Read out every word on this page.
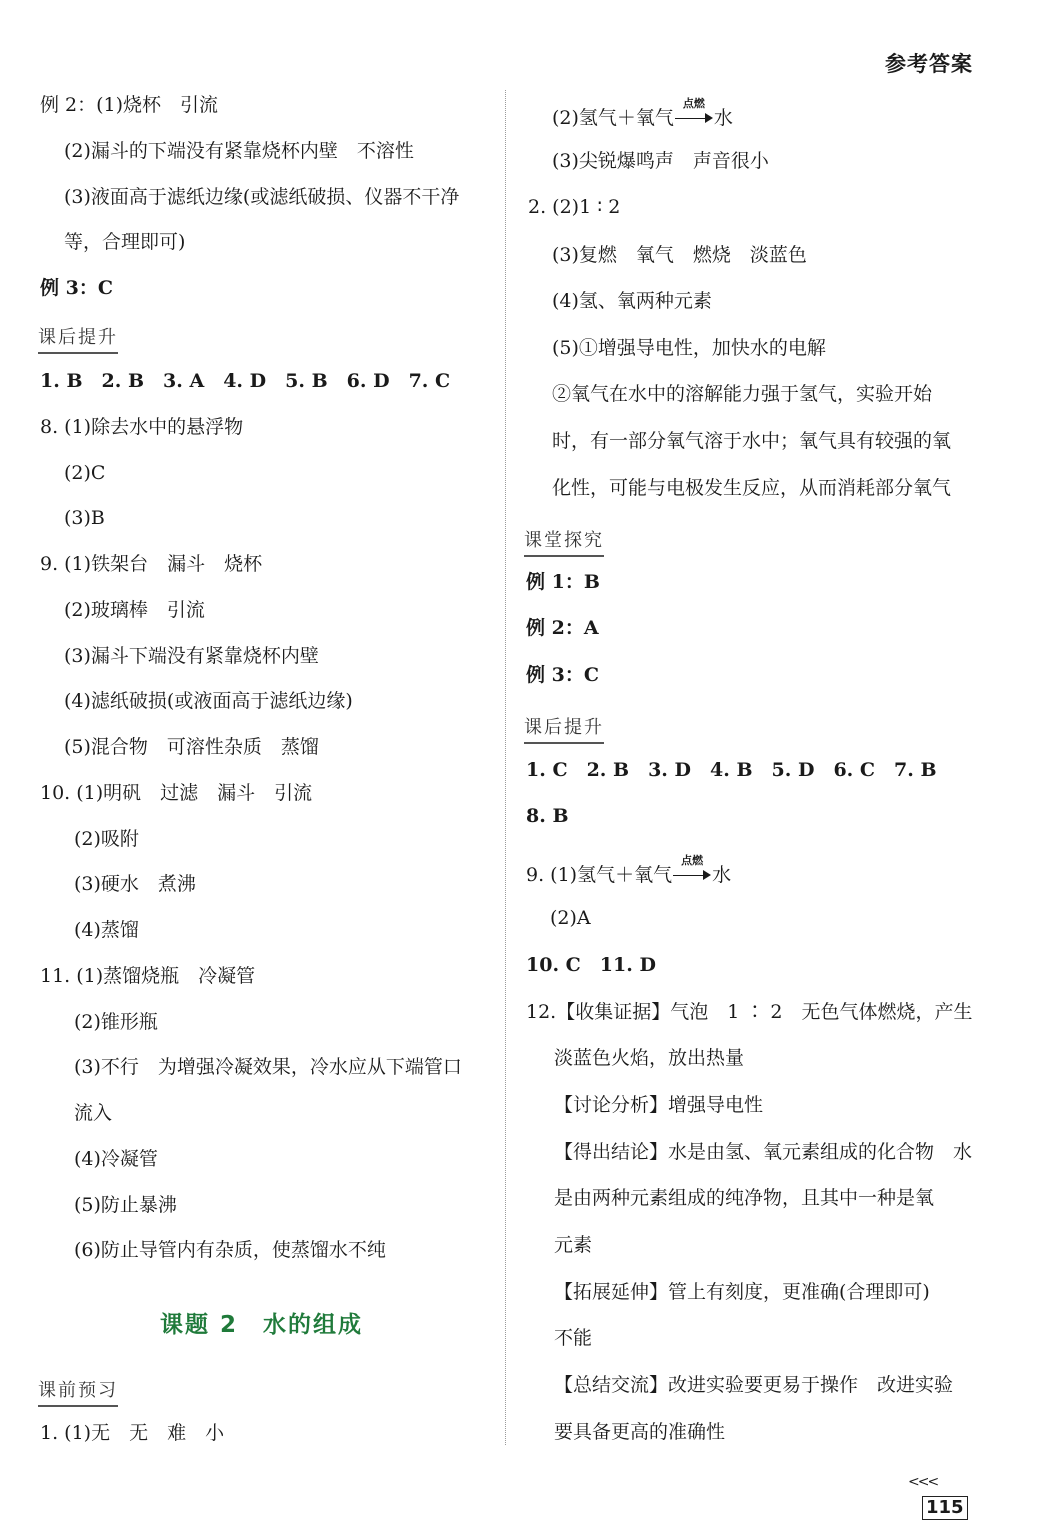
参考答案
例 2：(1)烧杯　引流
(2)漏斗的下端没有紧靠烧杯内壁　不溶性
(3)液面高于滤纸边缘(或滤纸破损、仪器不干净
等，合理即可)
例 3：C
课后提升
1. B　2. B　3. A　4. D　5. B　6. D　7. C
8. (1)除去水中的悬浮物
(2)C
(3)B
9. (1)铁架台　漏斗　烧杯
(2)玻璃棒　引流
(3)漏斗下端没有紧靠烧杯内壁
(4)滤纸破损(或液面高于滤纸边缘)
(5)混合物　可溶性杂质　蒸馏
10. (1)明矾　过滤　漏斗　引流
(2)吸附
(3)硬水　煮沸
(4)蒸馏
11. (1)蒸馏烧瓶　冷凝管
(2)锥形瓶
(3)不行　为增强冷凝效果，冷水应从下端管口
流入
(4)冷凝管
(5)防止暴沸
(6)防止导管内有杂质，使蒸馏水不纯
课题 2　水的组成
课前预习
1. (1)无　无　难　小
(2)氢气＋氧气
点燃
水
(3)尖锐爆鸣声　声音很小
2. (2)1 ∶ 2
(3)复燃　氧气　燃烧　淡蓝色
(4)氢、氧两种元素
(5)①增强导电性，加快水的电解
②氧气在水中的溶解能力强于氢气，实验开始
时，有一部分氧气溶于水中；氧气具有较强的氧
化性，可能与电极发生反应，从而消耗部分氧气
课堂探究
例 1：B
例 2：A
例 3：C
课后提升
1. C　2. B　3. D　4. B　5. D　6. C　7. B
8. B
9. (1)氢气＋氧气
点燃
水
(2)A
10. C　11. D
12.【收集证据】气泡　1 ∶ 2　无色气体燃烧，产生
淡蓝色火焰，放出热量
【讨论分析】增强导电性
【得出结论】水是由氢、氧元素组成的化合物　水
是由两种元素组成的纯净物，且其中一种是氧
元素
【拓展延伸】管上有刻度，更准确(合理即可)
不能
【总结交流】改进实验要更易于操作　改进实验
要具备更高的准确性
<<<
115
